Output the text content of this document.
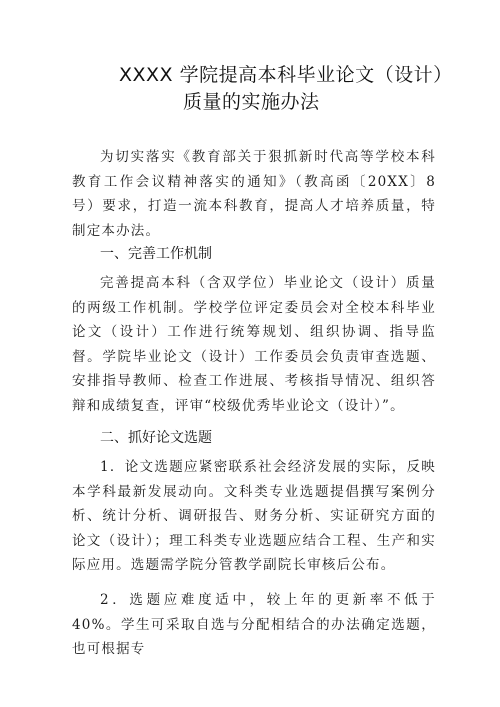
XXXX 学院提高本科毕业论文（设计）
质量的实施办法

为切实落实《教育部关于狠抓新时代高等学校本科教育工作会议精神落实的通知》（教高函〔20XX〕8 号）要求，打造一流本科教育，提高人才培养质量，特制定本办法。

一、完善工作机制

完善提高本科（含双学位）毕业论文（设计）质量的两级工作机制。学校学位评定委员会对全校本科毕业论文（设计）工作进行统筹规划、组织协调、指导监督。学院毕业论文（设计）工作委员会负责审查选题、安排指导教师、检查工作进展、考核指导情况、组织答辩和成绩复查，评审“校级优秀毕业论文（设计）”。

二、抓好论文选题

1．论文选题应紧密联系社会经济发展的实际，反映本学科最新发展动向。文科类专业选题提倡撰写案例分析、统计分析、调研报告、财务分析、实证研究方面的论文（设计）；理工科类专业选题应结合工程、生产和实际应用。选题需学院分管教学副院长审核后公布。

2．选题应难度适中，较上年的更新率不低于 40%。学生可采取自选与分配相结合的办法确定选题，也可根据专
